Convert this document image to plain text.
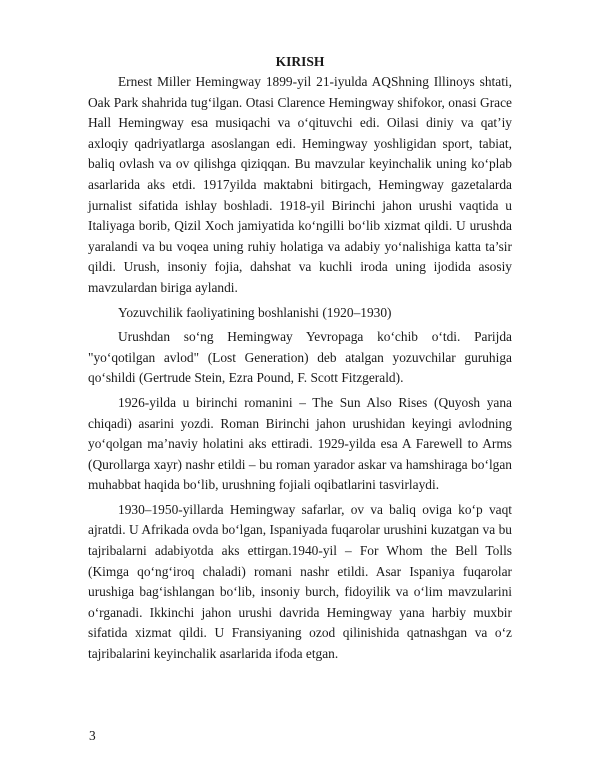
KIRISH

Ernest Miller Hemingway 1899-yil 21-iyulda AQShning Illinoys shtati, Oak Park shahrida tug‘ilgan. Otasi Clarence Hemingway shifokor, onasi Grace Hall Hemingway esa musiqachi va o‘qituvchi edi. Oilasi diniy va qat’iy axloqiy qadriyatlarga asoslangan edi. Hemingway yoshligidan sport, tabiat, baliq ovlash va ov qilishga qiziqqan. Bu mavzular keyinchalik uning ko‘plab asarlarida aks etdi. 1917yilda maktabni bitirgach, Hemingway gazetalarda jurnalist sifatida ishlay boshladi. 1918-yil Birinchi jahon urushi vaqtida u Italiyaga borib, Qizil Xoch jamiyatida ko‘ngilli bo‘lib xizmat qildi. U urushda yaralandi va bu voqea uning ruhiy holatiga va adabiy yo‘nalishiga katta ta’sir qildi. Urush, insoniy fojia, dahshat va kuchli iroda uning ijodida asosiy mavzulardan biriga aylandi.

Yozuvchilik faoliyatining boshlanishi (1920–1930)

Urushdan so‘ng Hemingway Yevropaga ko‘chib o‘tdi. Parijda "yo‘qotilgan avlod" (Lost Generation) deb atalgan yozuvchilar guruhiga qo‘shildi (Gertrude Stein, Ezra Pound, F. Scott Fitzgerald).

1926-yilda u birinchi romanini – The Sun Also Rises (Quyosh yana chiqadi) asarini yozdi. Roman Birinchi jahon urushidan keyingi avlodning yo‘qolgan ma’naviy holatini aks ettiradi. 1929-yilda esa A Farewell to Arms (Qurollarga xayr) nashr etildi – bu roman yarador askar va hamshiraga bo‘lgan muhabbat haqida bo‘lib, urushning fojiali oqibatlarini tasvirlaydi.

1930–1950-yillarda Hemingway safarlar, ov va baliq oviga ko‘p vaqt ajratdi. U Afrikada ovda bo‘lgan, Ispaniyada fuqarolar urushini kuzatgan va bu tajribalarni adabiyotda aks ettirgan.1940-yil – For Whom the Bell Tolls (Kimga qo‘ng‘iroq chaladi) romani nashr etildi. Asar Ispaniya fuqarolar urushiga bag‘ishlangan bo‘lib, insoniy burch, fidoyilik va o‘lim mavzularini o‘rganadi. Ikkinchi jahon urushi davrida Hemingway yana harbiy muxbir sifatida xizmat qildi. U Fransiyaning ozod qilinishida qatnashgan va o‘z tajribalarini keyinchalik asarlarida ifoda etgan.

3
